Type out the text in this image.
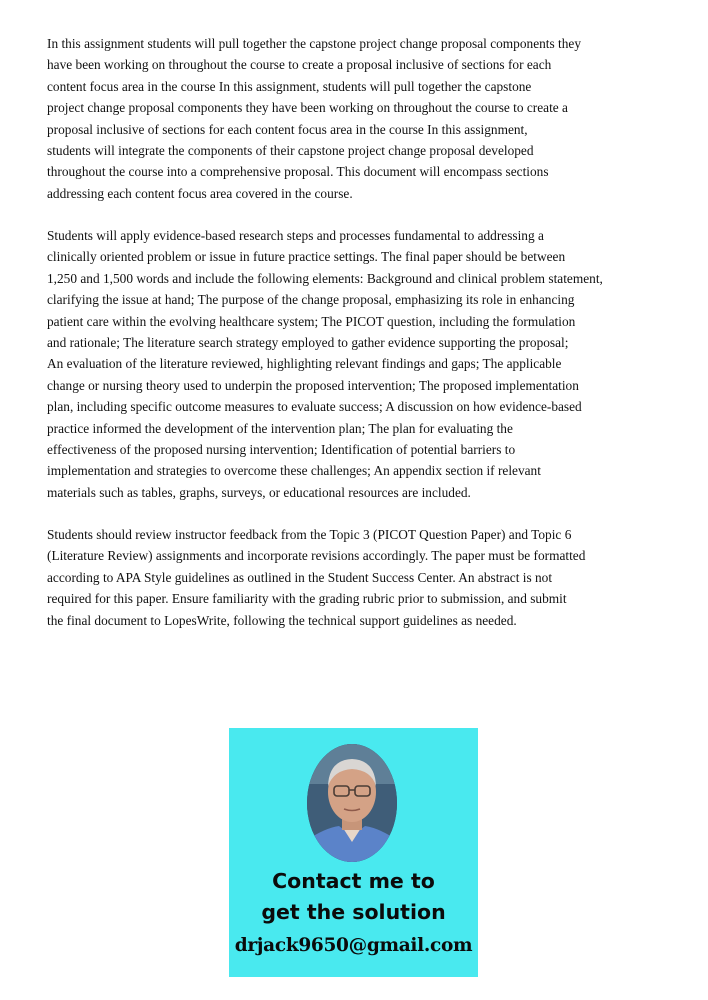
In this assignment students will pull together the capstone project change proposal components they
have been working on throughout the course to create a proposal inclusive of sections for each
content focus area in the course In this assignment, students will pull together the capstone
project change proposal components they have been working on throughout the course to create a
proposal inclusive of sections for each content focus area in the course In this assignment,
students will integrate the components of their capstone project change proposal developed
throughout the course into a comprehensive proposal. This document will encompass sections
addressing each content focus area covered in the course.
Students will apply evidence-based research steps and processes fundamental to addressing a
clinically oriented problem or issue in future practice settings. The final paper should be between
1,250 and 1,500 words and include the following elements: Background and clinical problem statement,
clarifying the issue at hand; The purpose of the change proposal, emphasizing its role in enhancing
patient care within the evolving healthcare system; The PICOT question, including the formulation
and rationale; The literature search strategy employed to gather evidence supporting the proposal;
An evaluation of the literature reviewed, highlighting relevant findings and gaps; The applicable
change or nursing theory used to underpin the proposed intervention; The proposed implementation
plan, including specific outcome measures to evaluate success; A discussion on how evidence-based
practice informed the development of the intervention plan; The plan for evaluating the
effectiveness of the proposed nursing intervention; Identification of potential barriers to
implementation and strategies to overcome these challenges; An appendix section if relevant
materials such as tables, graphs, surveys, or educational resources are included.
Students should review instructor feedback from the Topic 3 (PICOT Question Paper) and Topic 6
(Literature Review) assignments and incorporate revisions accordingly. The paper must be formatted
according to APA Style guidelines as outlined in the Student Success Center. An abstract is not
required for this paper. Ensure familiarity with the grading rubric prior to submission, and submit
the final document to LopesWrite, following the technical support guidelines as needed.
Contact me to
get the solution
drjack9650@gmail.com
